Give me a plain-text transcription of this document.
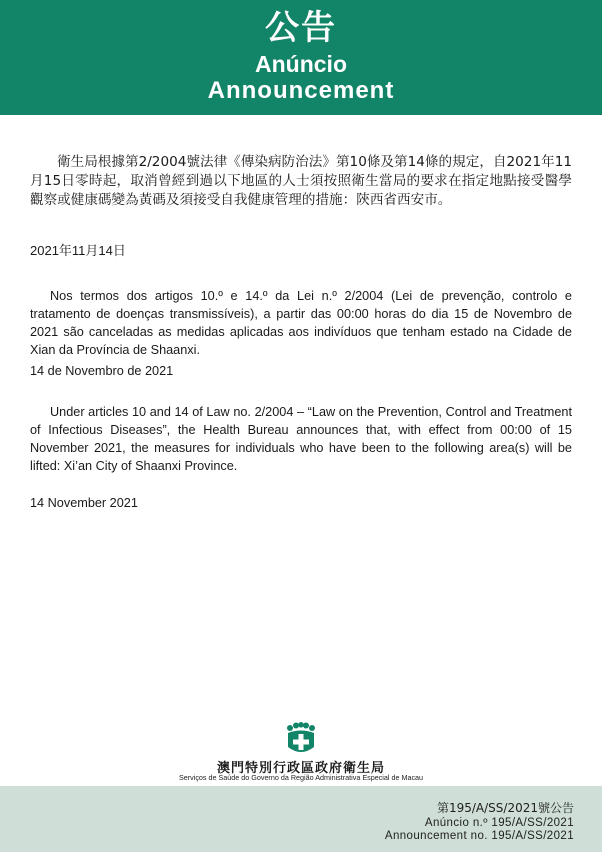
公告
Anúncio
Announcement

衛生局根據第2/2004號法律《傳染病防治法》第10條及第14條的規定，自2021年11月15日零時起，取消曾經到過以下地區的人士須按照衛生當局的要求在指定地點接受醫學觀察或健康碼變為黃碼及須接受自我健康管理的措施：陝西省西安市。

2021年11月14日

Nos termos dos artigos 10.º e 14.º da Lei n.º 2/2004 (Lei de prevenção, controlo e tratamento de doenças transmissíveis), a partir das 00:00 horas do dia 15 de Novembro de 2021 são canceladas as medidas aplicadas aos indivíduos que tenham estado na Cidade de Xian da Província de Shaanxi.

14 de Novembro de 2021

Under articles 10 and 14 of Law no. 2/2004 – “Law on the Prevention, Control and Treatment of Infectious Diseases”, the Health Bureau announces that, with effect from 00:00 of 15 November 2021, the measures for individuals who have been to the following area(s) will be lifted: Xi’an City of Shaanxi Province.

14 November 2021

澳門特別行政區政府衛生局
Serviços de Saúde do Governo da Região Administrativa Especial de Macau
第195/A/SS/2021號公告
Anúncio n.º 195/A/SS/2021
Announcement no. 195/A/SS/2021
